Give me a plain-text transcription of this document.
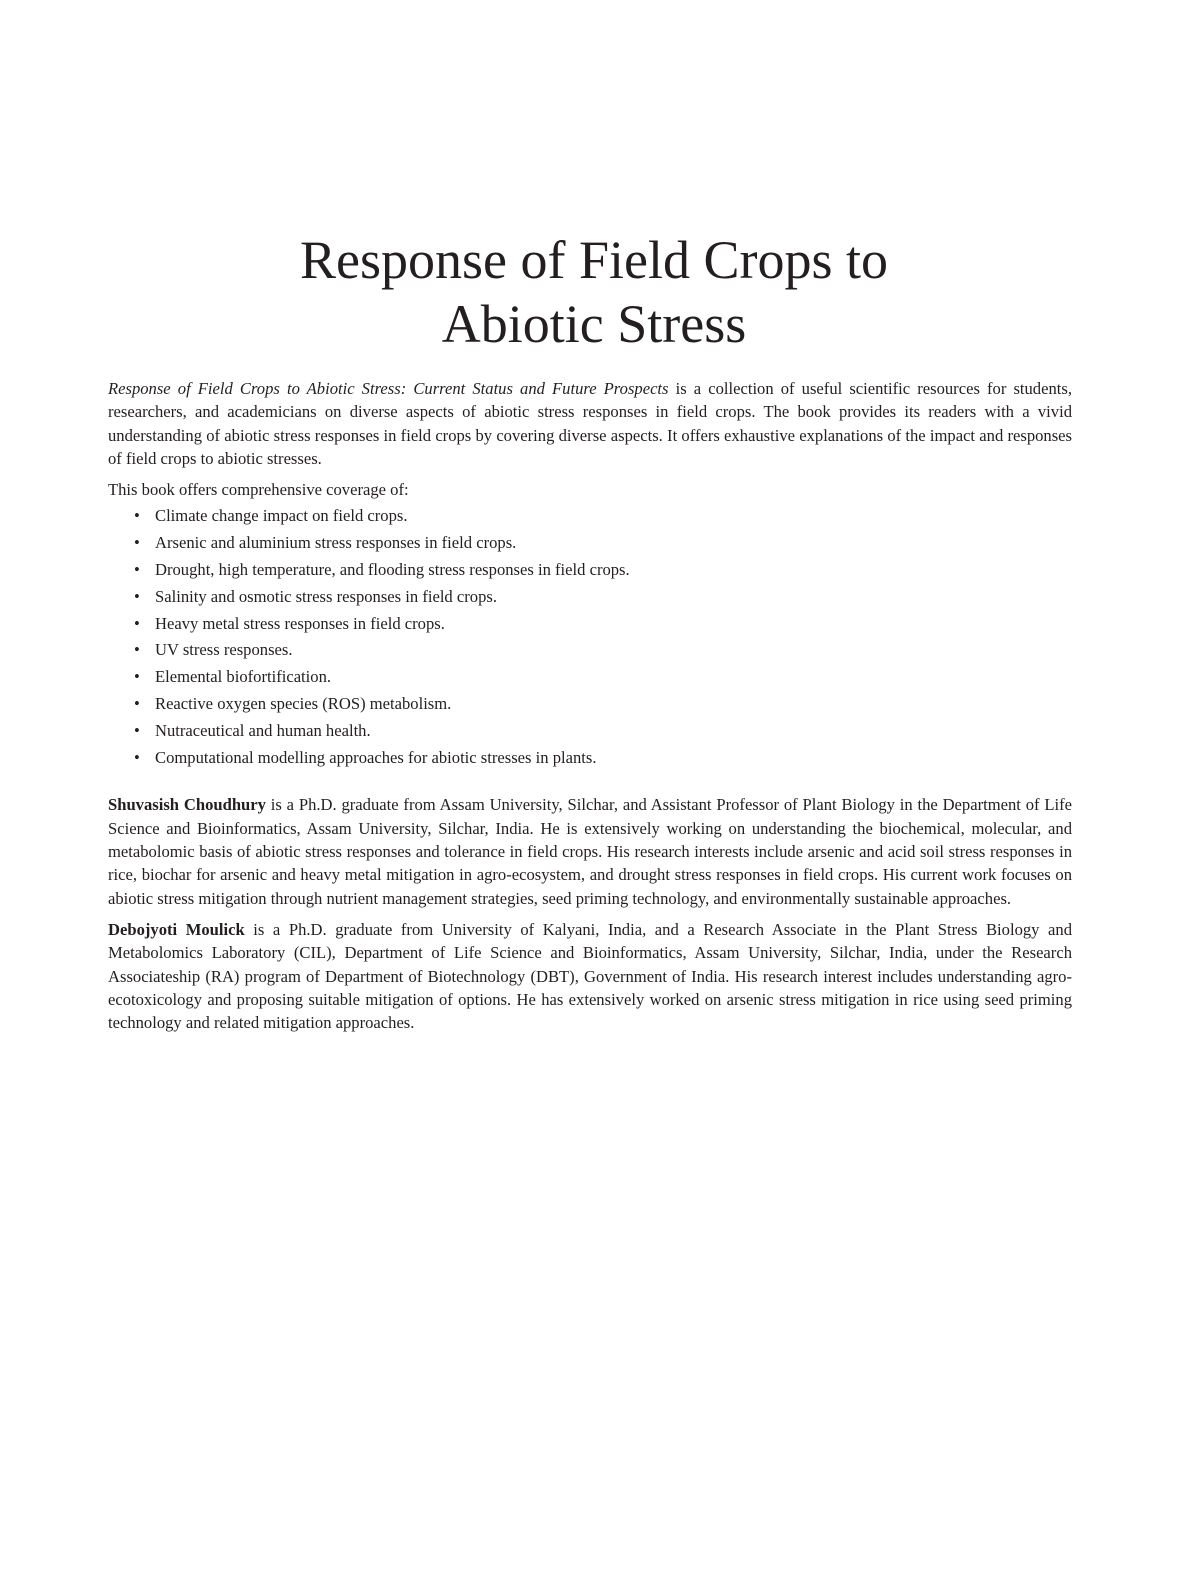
Response of Field Crops to
Abiotic Stress

Response of Field Crops to Abiotic Stress: Current Status and Future Prospects is a collection of useful scientific resources for students, researchers, and academicians on diverse aspects of abiotic stress responses in field crops. The book provides its readers with a vivid understanding of abiotic stress responses in field crops by covering diverse aspects. It offers exhaustive explanations of the impact and responses of field crops to abiotic stresses.

This book offers comprehensive coverage of:

• Climate change impact on field crops.
• Arsenic and aluminium stress responses in field crops.
• Drought, high temperature, and flooding stress responses in field crops.
• Salinity and osmotic stress responses in field crops.
• Heavy metal stress responses in field crops.
• UV stress responses.
• Elemental biofortification.
• Reactive oxygen species (ROS) metabolism.
• Nutraceutical and human health.
• Computational modelling approaches for abiotic stresses in plants.

Shuvasish Choudhury is a Ph.D. graduate from Assam University, Silchar, and Assistant Professor of Plant Biology in the Department of Life Science and Bioinformatics, Assam University, Silchar, India. He is extensively working on understanding the biochemical, molecular, and metabolomic basis of abiotic stress responses and tolerance in field crops. His research interests include arsenic and acid soil stress responses in rice, biochar for arsenic and heavy metal mitigation in agro-ecosystem, and drought stress responses in field crops. His current work focuses on abiotic stress mitigation through nutrient management strategies, seed priming technology, and environmentally sustainable approaches.

Debojyoti Moulick is a Ph.D. graduate from University of Kalyani, India, and a Research Associate in the Plant Stress Biology and Metabolomics Laboratory (CIL), Department of Life Science and Bioinformatics, Assam University, Silchar, India, under the Research Associateship (RA) program of Department of Biotechnology (DBT), Government of India. His research interest includes understanding agro-ecotoxicology and proposing suitable mitigation of options. He has extensively worked on arsenic stress mitigation in rice using seed priming technology and related mitigation approaches.
